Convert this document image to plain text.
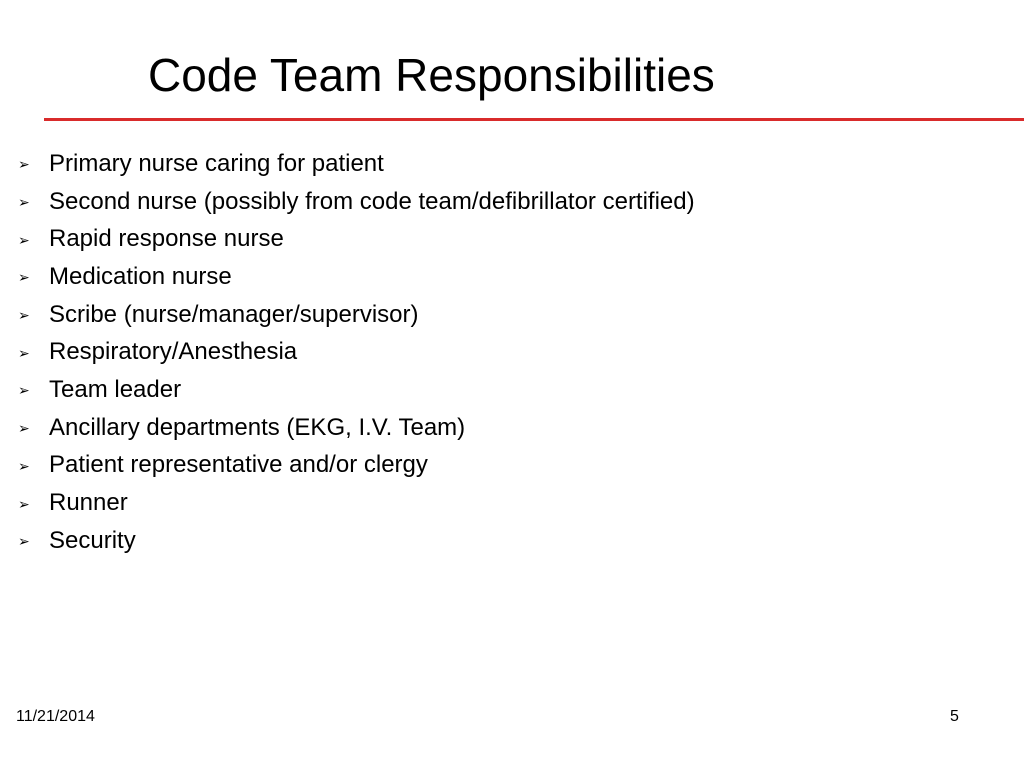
Code Team Responsibilities
➢ Primary nurse caring for patient
➢ Second nurse (possibly from code team/defibrillator certified)
➢ Rapid response nurse
➢ Medication nurse
➢ Scribe (nurse/manager/supervisor)
➢ Respiratory/Anesthesia
➢ Team leader
➢ Ancillary departments (EKG, I.V. Team)
➢ Patient representative and/or clergy
➢ Runner
➢ Security
11/21/2014	5
